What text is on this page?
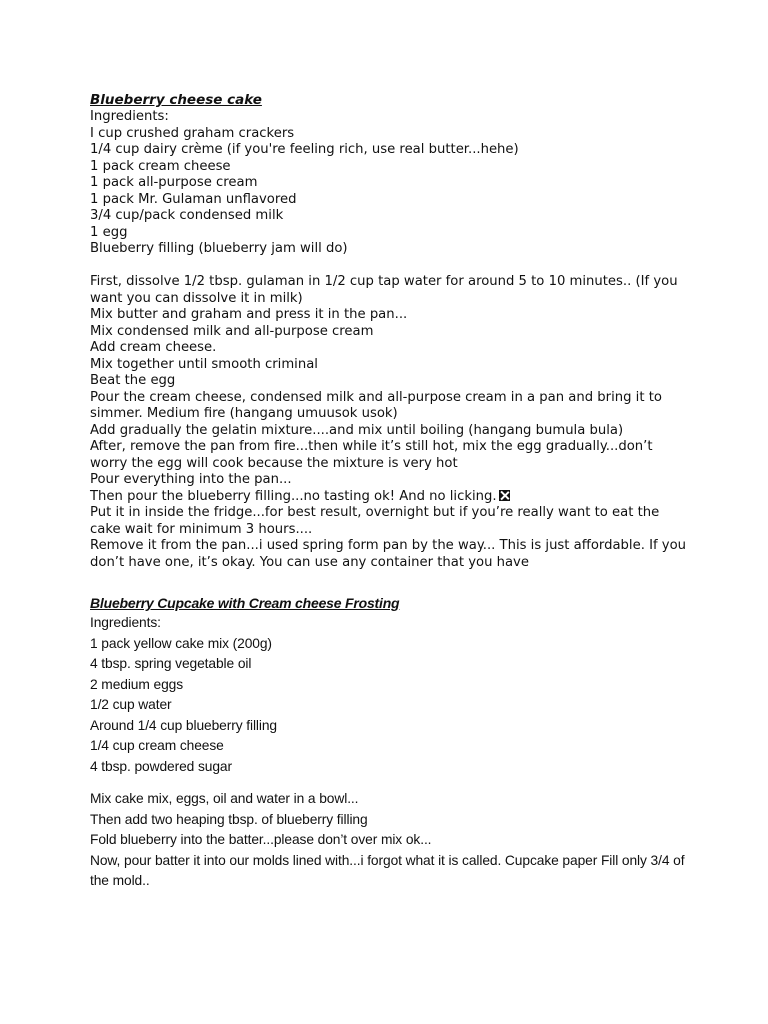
Blueberry cheese cake
Ingredients:
I cup crushed graham crackers
1/4 cup dairy crème (if you're feeling rich, use real butter...hehe)
1 pack cream cheese
1 pack all-purpose cream
1 pack Mr. Gulaman unflavored
3/4 cup/pack condensed milk
1 egg
Blueberry filling (blueberry jam will do)
First, dissolve 1/2 tbsp. gulaman in 1/2 cup tap water for around 5 to 10 minutes.. (If you want you can dissolve it in milk)
Mix butter and graham and press it in the pan...
Mix condensed milk and all-purpose cream
Add cream cheese.
Mix together until smooth criminal
Beat the egg
Pour the cream cheese, condensed milk and all-purpose cream in a pan and bring it to simmer. Medium fire (hangang umuusok usok)
Add gradually the gelatin mixture....and mix until boiling (hangang bumula bula)
After, remove the pan from fire...then while it’s still hot, mix the egg gradually...don’t worry the egg will cook because the mixture is very hot
Pour everything into the pan...
Then pour the blueberry filling...no tasting ok! And no licking.
Put it in inside the fridge...for best result, overnight but if you’re really want to eat the cake wait for minimum 3 hours....
Remove it from the pan...i used spring form pan by the way... This is just affordable. If you don’t have one, it’s okay. You can use any container that you have
Blueberry Cupcake with Cream cheese Frosting
Ingredients:
1 pack yellow cake mix (200g)
4 tbsp. spring vegetable oil
2 medium eggs
1/2 cup water
Around 1/4 cup blueberry filling
1/4 cup cream cheese
4 tbsp. powdered sugar
Mix cake mix, eggs, oil and water in a bowl...
Then add two heaping tbsp. of blueberry filling
Fold blueberry into the batter...please don’t over mix ok...
Now, pour batter it into our molds lined with...i forgot what it is called. Cupcake paper Fill only 3/4 of the mold..
